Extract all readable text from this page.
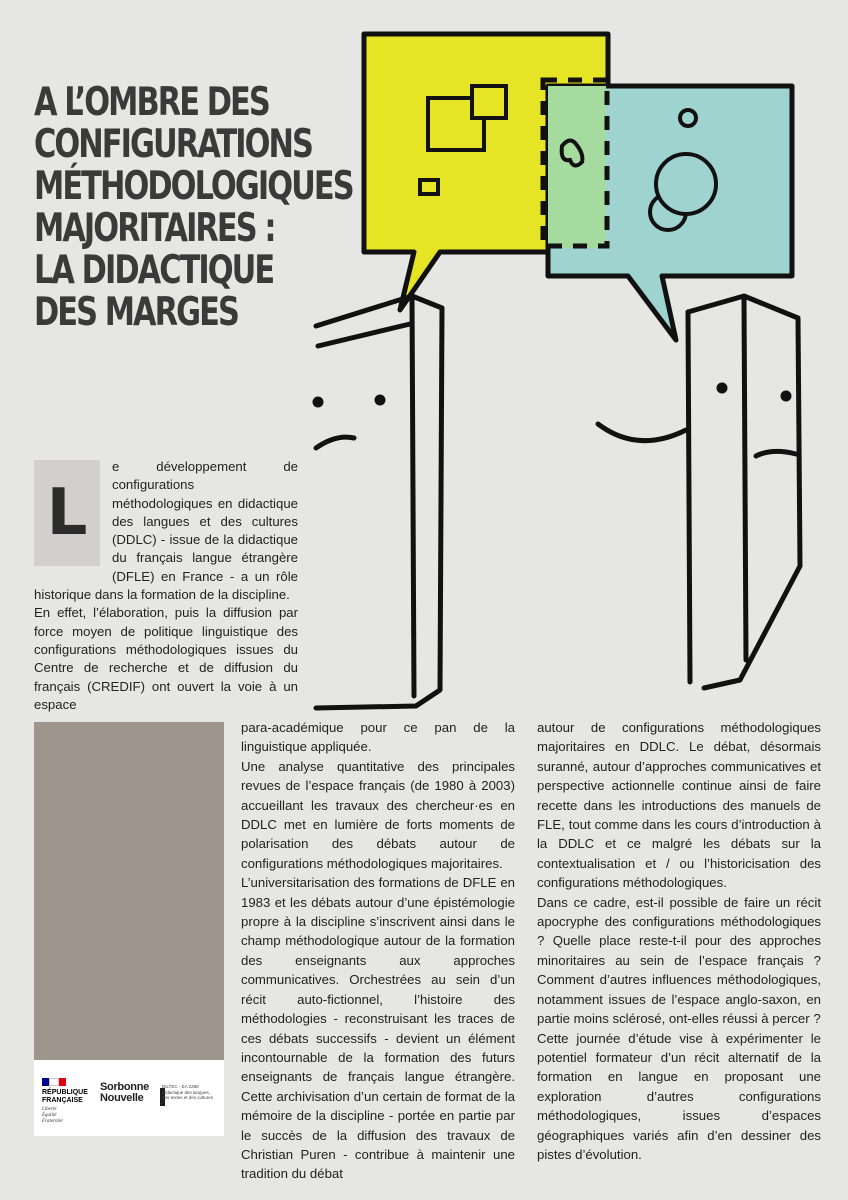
A L’OMBRE DES CONFIGURATIONS MÉTHODOLOGIQUES MAJORITAIRES : LA DIDACTIQUE DES MARGES
L

e développement de configurations méthodologiques en didactique des langues et des cultures (DDLC) - issue de la didactique du français langue étrangère (DFLE) en France - a un rôle historique dans la formation de la discipline.

En effet, l’élaboration, puis la diffusion par force moyen de politique linguistique des configurations méthodologiques issues du Centre de recherche et de diffusion du français (CREDIF) ont ouvert la voie à un espace

RÉPUBLIQUE
FRANÇAISE
Liberté
Égalité
Fraternité
Sorbonne
Nouvelle
DILTEC - EA 2288
Didactique des langues,
des textes et des cultures

para-académique pour ce pan de la linguistique appliquée.

Une analyse quantitative des principales revues de l’espace français (de 1980 à 2003) accueillant les travaux des chercheur·es en DDLC met en lumière de forts moments de polarisation des débats autour de configurations méthodologiques majoritaires.

L’universitarisation des formations de DFLE en 1983 et les débats autour d’une épistémologie propre à la discipline s’inscrivent ainsi dans le champ méthodologique autour de la formation des enseignants aux approches communicatives. Orchestrées au sein d’un récit auto-fictionnel, l’histoire des méthodologies - reconstruisant les traces de ces débats successifs - devient un élément incontournable de la formation des futurs enseignants de français langue étrangère. Cette archivisation d’un certain de format de la mémoire de la discipline - portée en partie par le succès de la diffusion des travaux de Christian Puren - contribue à maintenir une tradition du débat

autour de configurations méthodologiques majoritaires en DDLC. Le débat, désormais suranné, autour d’approches communicatives et perspective actionnelle continue ainsi de faire recette dans les introductions des manuels de FLE, tout comme dans les cours d’introduction à la DDLC et ce malgré les débats sur la contextualisation et / ou l’historicisation des configurations méthodologiques.

Dans ce cadre, est-il possible de faire un récit apocryphe des configurations méthodologiques ? Quelle place reste-t-il pour des approches minoritaires au sein de l’espace français ? Comment d’autres influences méthodologiques, notamment issues de l’espace anglo-saxon, en partie moins sclérosé, ont-elles réussi à percer ?

Cette journée d’étude vise à expérimenter le potentiel formateur d’un récit alternatif de la formation en langue en proposant une exploration d’autres configurations méthodologiques, issues d’espaces géographiques variés afin d’en dessiner des pistes d’évolution.
